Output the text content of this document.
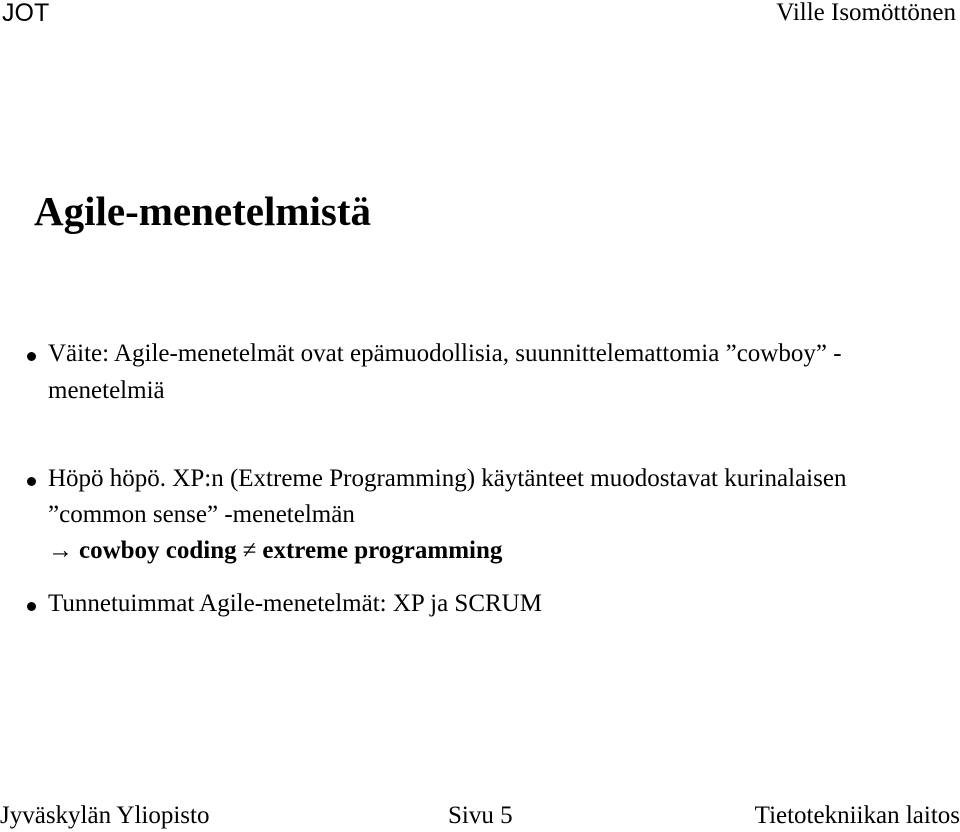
JOT	Ville Isomöttönen
Agile-menetelmistä
Väite: Agile-menetelmät ovat epämuodollisia, suunnittelemattomia ”cowboy” -
menetelmiä
Höpö höpö. XP:n (Extreme Programming) käytänteet muodostavat kurinalaisen
”common sense” -menetelmän
→ cowboy coding ≠ extreme programming
Tunnetuimmat Agile-menetelmät: XP ja SCRUM
Jyväskylän Yliopisto	Sivu 5	Tietotekniikan laitos
